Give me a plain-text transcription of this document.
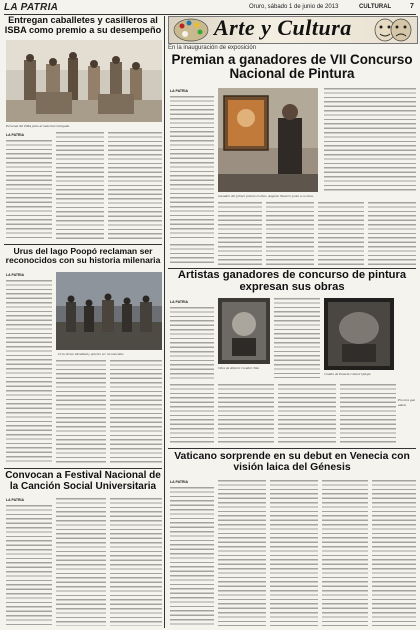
LA PATRIA	Oruro, sábado 1 de junio de 2013	CULTURAL	7
Entregan caballetes y casilleros al ISBA como premio a su desempeño
Personal del ISBA junto al material entregado.
LA PATRIA
Urus del lago Poopó reclaman ser reconocidos con su historia milenaria
LA PATRIA
Urus tienen identidad y quieren ser reconocidos.
Convocan a Festival Nacional de la Canción Social Universitaria
LA PATRIA
Arte y Cultura
En la inauguración de exposición
Premian a ganadores de VII Concurso Nacional de Pintura
LA PATRIA
Ganador del primer premio en óleo, Augusto Navarro junto a su obra.
Artistas ganadores de concurso de pintura expresan sus obras
LA PATRIA
Obra de Alberto Condori Tola
Cuadro de Pamela Chávez Quispe
Pin tura gan adora
Vaticano sorprende en su debut en Venecia con visión laica del Génesis
LA PATRIA
